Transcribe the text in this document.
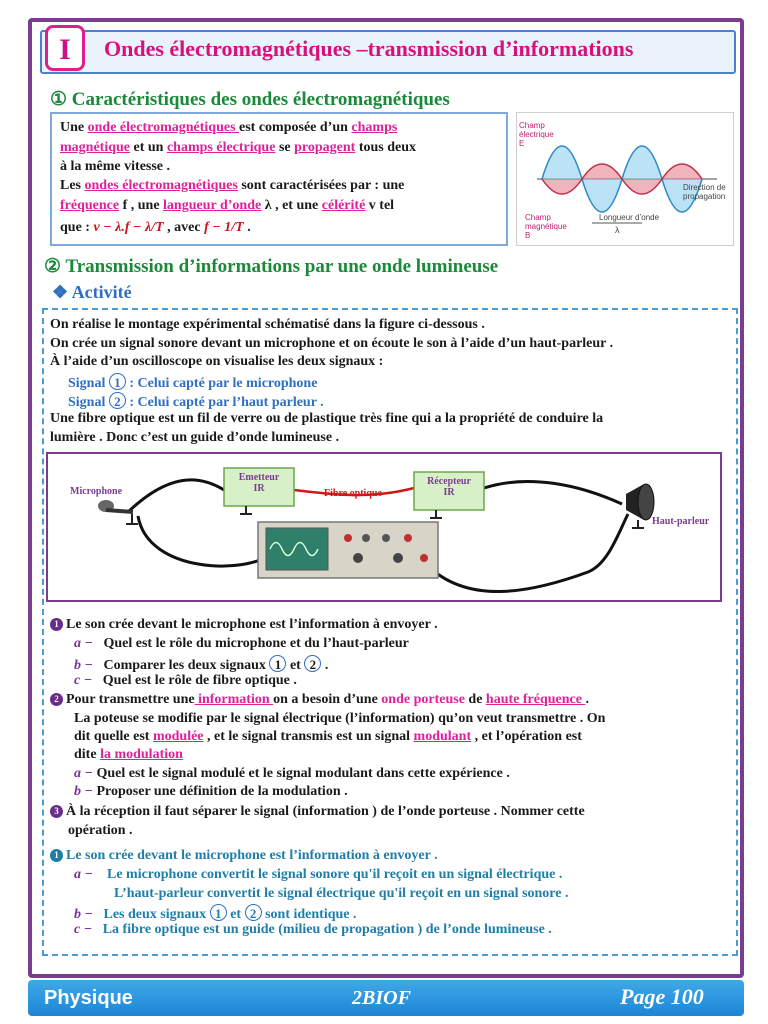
I	Ondes électromagnétiques –transmission d’informations
① Caractéristiques des ondes électromagnétiques
Une onde électromagnétiques est composée d’un champs
magnétique et un champs électrique se propagent tous deux
à la même vitesse .
Les ondes électromagnétiques sont caractérisées par : une
fréquence f , une langueur d’onde λ , et une célérité v tel
que : v − λ.f − λ/T , avec f − 1/T .
Champ électrique E
Champ magnétique B
Direction de propagation
Longueur d’onde
λ
② Transmission d’informations par une onde lumineuse
❖ Activité
On réalise le montage expérimental schématisé dans la figure ci-dessous .
On crée un signal sonore devant un microphone et on écoute le son à l’aide d’un haut-parleur .
À l’aide d’un oscilloscope on visualise les deux signaux :
Signal 1 : Celui capté par le microphone
Signal 2 : Celui capté par l’haut parleur .
Une fibre optique est un fil de verre ou de plastique très fine qui a la propriété de conduire la
lumière . Donc c’est un guide d’onde lumineuse .
Microphone
Emetteur IR	Fibre optique
Récepteur IR
Haut-parleur
1 Le son crée devant le microphone est l’information à envoyer .
a − Quel est le rôle du microphone et du l’haut-parleur
b − Comparer les deux signaux 1 et 2 .
c − Quel est le rôle de fibre optique .
2 Pour transmettre une information on a besoin d’une onde porteuse de haute fréquence .
La poteuse se modifie par le signal électrique (l’information) qu’on veut transmettre . On
dit quelle est modulée , et le signal transmis est un signal modulant , et l’opération est
dite la modulation
a − Quel est le signal modulé et le signal modulant dans cette expérience .
b − Proposer une définition de la modulation .
3 À la réception il faut séparer le signal (information ) de l’onde porteuse . Nommer cette
opération .
1 Le son crée devant le microphone est l’information à envoyer .
a − Le microphone convertit le signal sonore qu'il reçoit en un signal électrique .
L’haut-parleur convertit le signal électrique qu'il reçoit en un signal sonore .
b − Les deux signaux 1 et 2 sont identique .
c − La fibre optique est un guide (milieu de propagation ) de l’onde lumineuse .
Physique	2BIOF	Page 100
